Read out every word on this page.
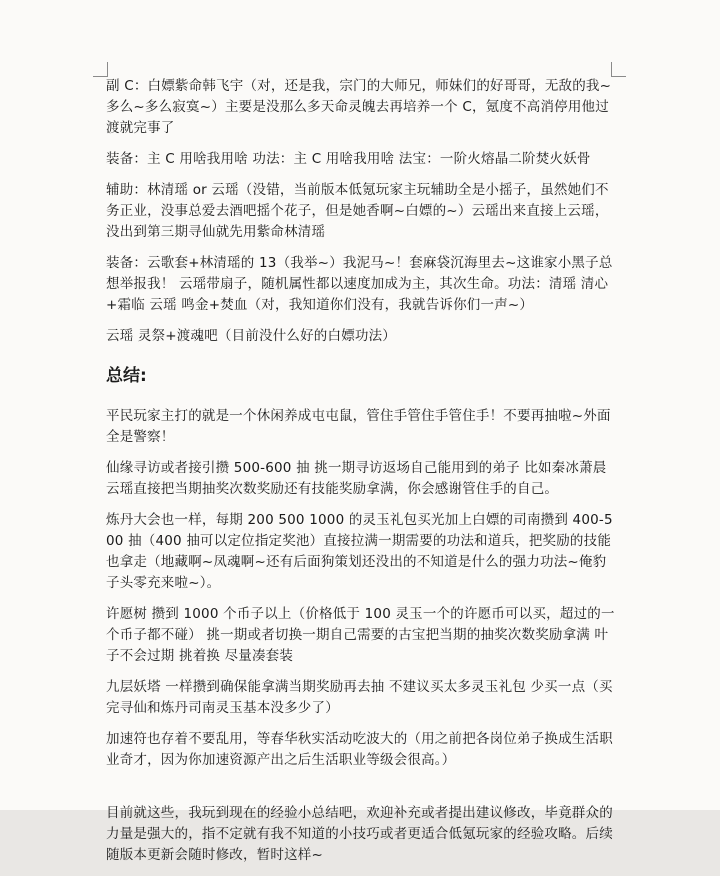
副 C：白嫖紫命韩飞宇（对，还是我，宗门的大师兄，师妹们的好哥哥，无敌的我~多么~多么寂寞~）主要是没那么多天命灵魄去再培养一个 C，氪度不高消停用他过渡就完事了

装备：主 C 用啥我用啥 功法：主 C 用啥我用啥 法宝：一阶火熔晶二阶焚火妖骨

辅助：林清瑶 or 云瑶（没错，当前版本低氪玩家主玩辅助全是小摇子，虽然她们不务正业，没事总爱去酒吧摇个花子，但是她香啊~白嫖的~）云瑶出来直接上云瑶，没出到第三期寻仙就先用紫命林清瑶

装备：云歌套+林清瑶的 13（我举~）我泥马~！套麻袋沉海里去~这谁家小黑子总想举报我！ 云瑶带扇子，随机属性都以速度加成为主，其次生命。功法：清瑶 清心+霜临 云瑶 鸣金+焚血（对，我知道你们没有，我就告诉你们一声~）

云瑶 灵祭+渡魂吧（目前没什么好的白嫖功法）

总结:

平民玩家主打的就是一个休闲养成屯屯鼠，管住手管住手管住手！不要再抽啦~外面全是警察！

仙缘寻访或者接引攒 500-600 抽 挑一期寻访返场自己能用到的弟子 比如秦冰萧晨 云瑶直接把当期抽奖次数奖励还有技能奖励拿满，你会感谢管住手的自己。

炼丹大会也一样，每期 200 500 1000 的灵玉礼包买光加上白嫖的司南攒到 400-500 抽（400 抽可以定位指定奖池）直接拉满一期需要的功法和道兵，把奖励的技能也拿走（地藏啊~凤魂啊~还有后面狗策划还没出的不知道是什么的强力功法~俺豹子头零充来啦~）。

许愿树 攒到 1000 个币子以上（价格低于 100 灵玉一个的许愿币可以买，超过的一个币子都不碰） 挑一期或者切换一期自己需要的古宝把当期的抽奖次数奖励拿满 叶子不会过期 挑着换 尽量凑套装

九层妖塔 一样攒到确保能拿满当期奖励再去抽 不建议买太多灵玉礼包 少买一点（买完寻仙和炼丹司南灵玉基本没多少了）

加速符也存着不要乱用，等春华秋实活动吃波大的（用之前把各岗位弟子换成生活职业奇才，因为你加速资源产出之后生活职业等级会很高。）

目前就这些，我玩到现在的经验小总结吧，欢迎补充或者提出建议修改，毕竟群众的力量是强大的，指不定就有我不知道的小技巧或者更适合低氪玩家的经验攻略。后续随版本更新会随时修改，暂时这样~
